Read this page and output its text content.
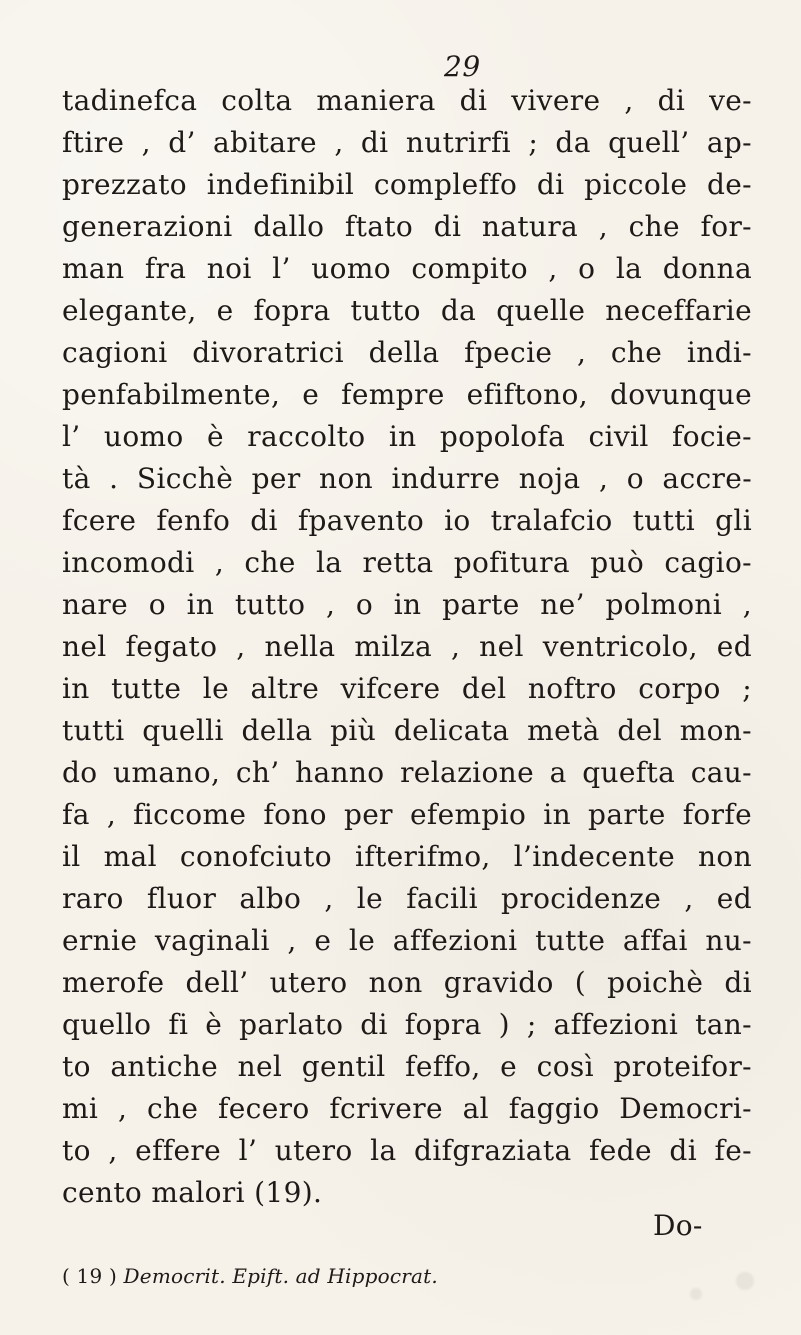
29
tadinefca colta maniera di vivere , di ve-
ftire , d’ abitare , di nutrirfi ; da quell’ ap-
prezzato indefinibil compleffo di piccole de-
generazioni dallo ftato di natura , che for-
man fra noi l’ uomo compito , o la donna
elegante, e fopra tutto da quelle neceffarie
cagioni divoratrici della fpecie , che indi-
penfabilmente, e fempre efiftono, dovunque
l’ uomo è raccolto in popolofa civil focie-
tà . Sicchè per non indurre noja , o accre-
fcere fenfo di fpavento io tralafcio tutti gli
incomodi , che la retta pofitura può cagio-
nare o in tutto , o in parte ne’ polmoni ,
nel fegato , nella milza , nel ventricolo, ed
in tutte le altre vifcere del noftro corpo ;
tutti quelli della più delicata metà del mon-
do umano, ch’ hanno relazione a quefta cau-
fa , ficcome fono per efempio in parte forfe
il mal conofciuto ifterifmo, l’indecente non
raro fluor albo , le facili procidenze , ed
ernie vaginali , e le affezioni tutte affai nu-
merofe dell’ utero non gravido ( poichè di
quello fi è parlato di fopra ) ; affezioni tan-
to antiche nel gentil feffo, e così proteifor-
mi , che fecero fcrivere al faggio Democri-
to , effere l’ utero la difgraziata fede di fe-
cento malori (19).
Do-
( 19 ) Democrit. Epift. ad Hippocrat.
